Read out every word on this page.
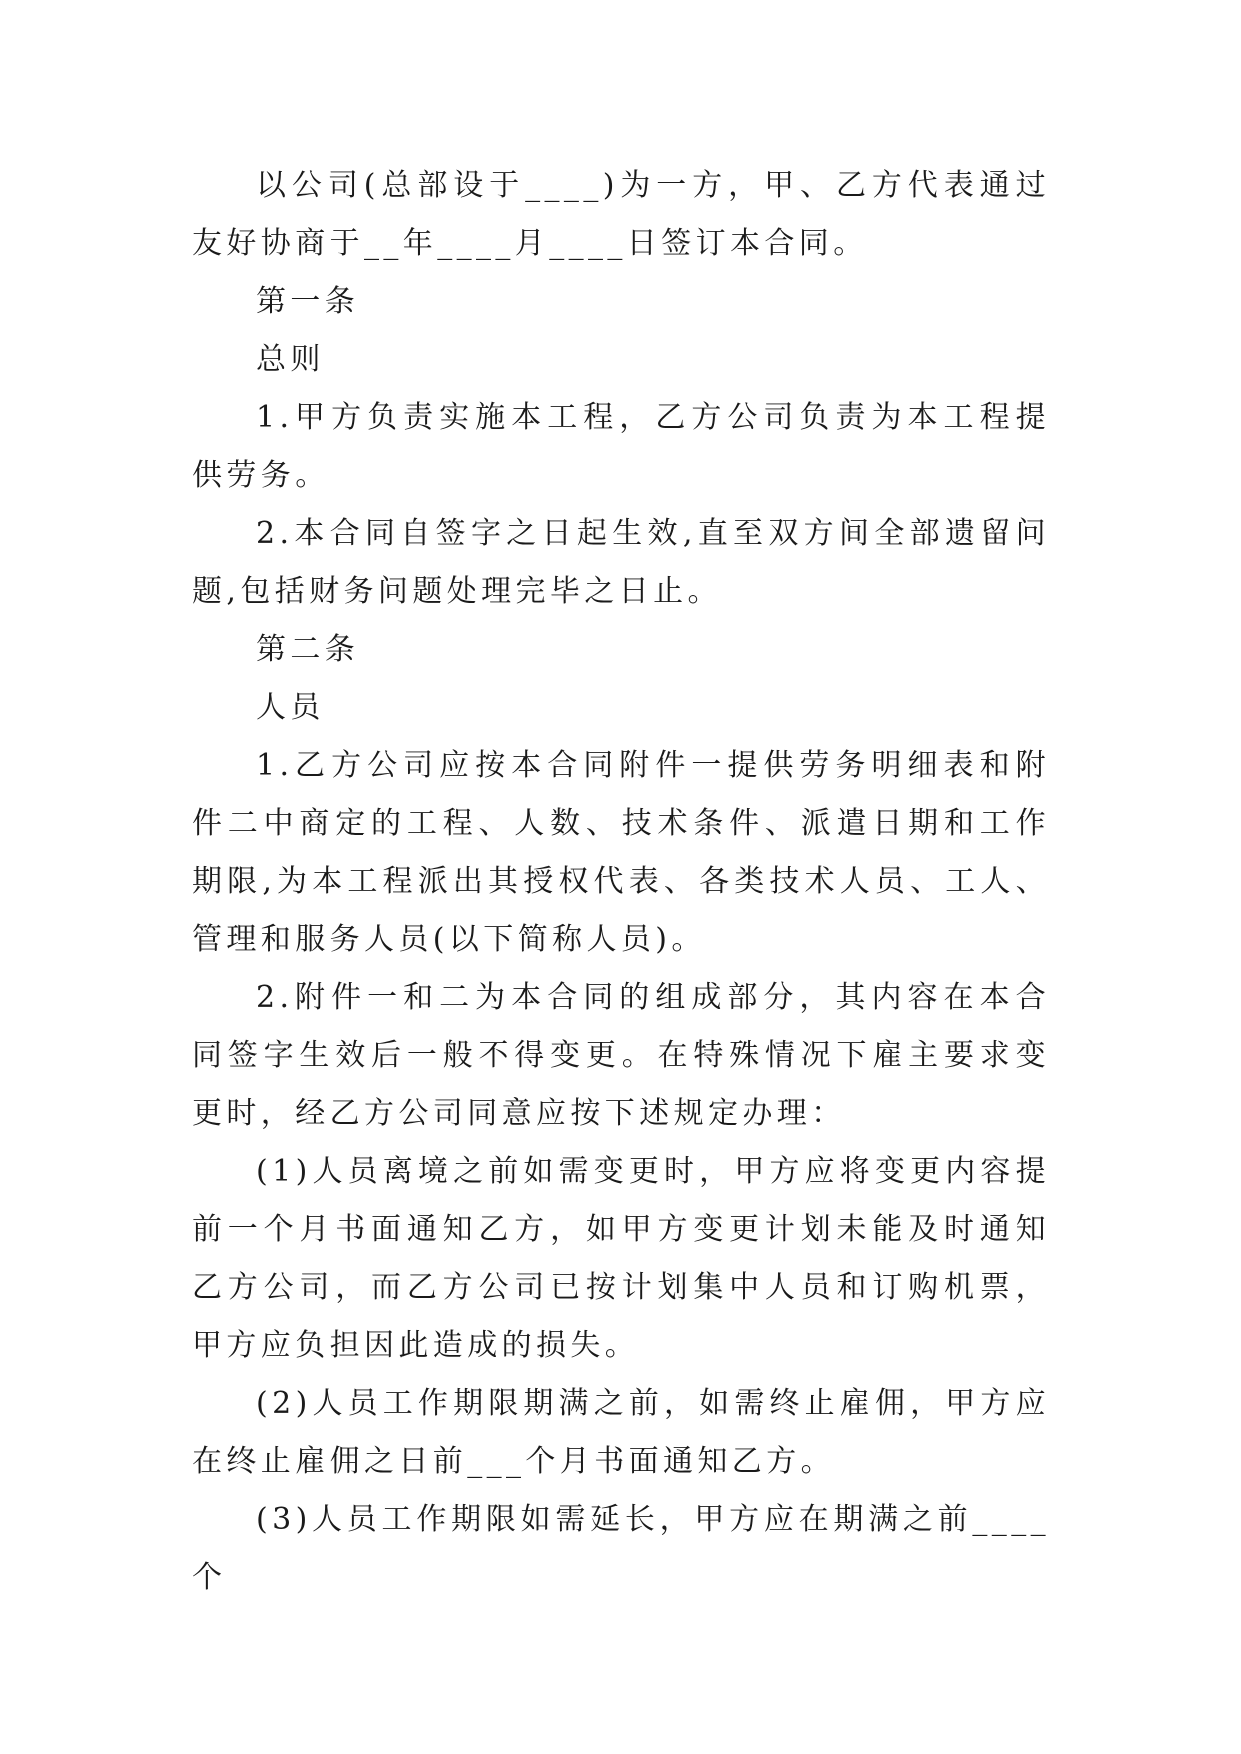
以公司(总部设于____)为一方，甲、乙方代表通过友好协商于__年____月____日签订本合同。

第一条

总则

1.甲方负责实施本工程，乙方公司负责为本工程提供劳务。

2.本合同自签字之日起生效,直至双方间全部遗留问题,包括财务问题处理完毕之日止。

第二条

人员

1.乙方公司应按本合同附件一提供劳务明细表和附件二中商定的工程、人数、技术条件、派遣日期和工作期限,为本工程派出其授权代表、各类技术人员、工人、管理和服务人员(以下简称人员)。

2.附件一和二为本合同的组成部分，其内容在本合同签字生效后一般不得变更。在特殊情况下雇主要求变更时，经乙方公司同意应按下述规定办理：

(1)人员离境之前如需变更时，甲方应将变更内容提前一个月书面通知乙方，如甲方变更计划未能及时通知乙方公司，而乙方公司已按计划集中人员和订购机票，甲方应负担因此造成的损失。

(2)人员工作期限期满之前，如需终止雇佣，甲方应在终止雇佣之日前___个月书面通知乙方。

(3)人员工作期限如需延长，甲方应在期满之前____个
